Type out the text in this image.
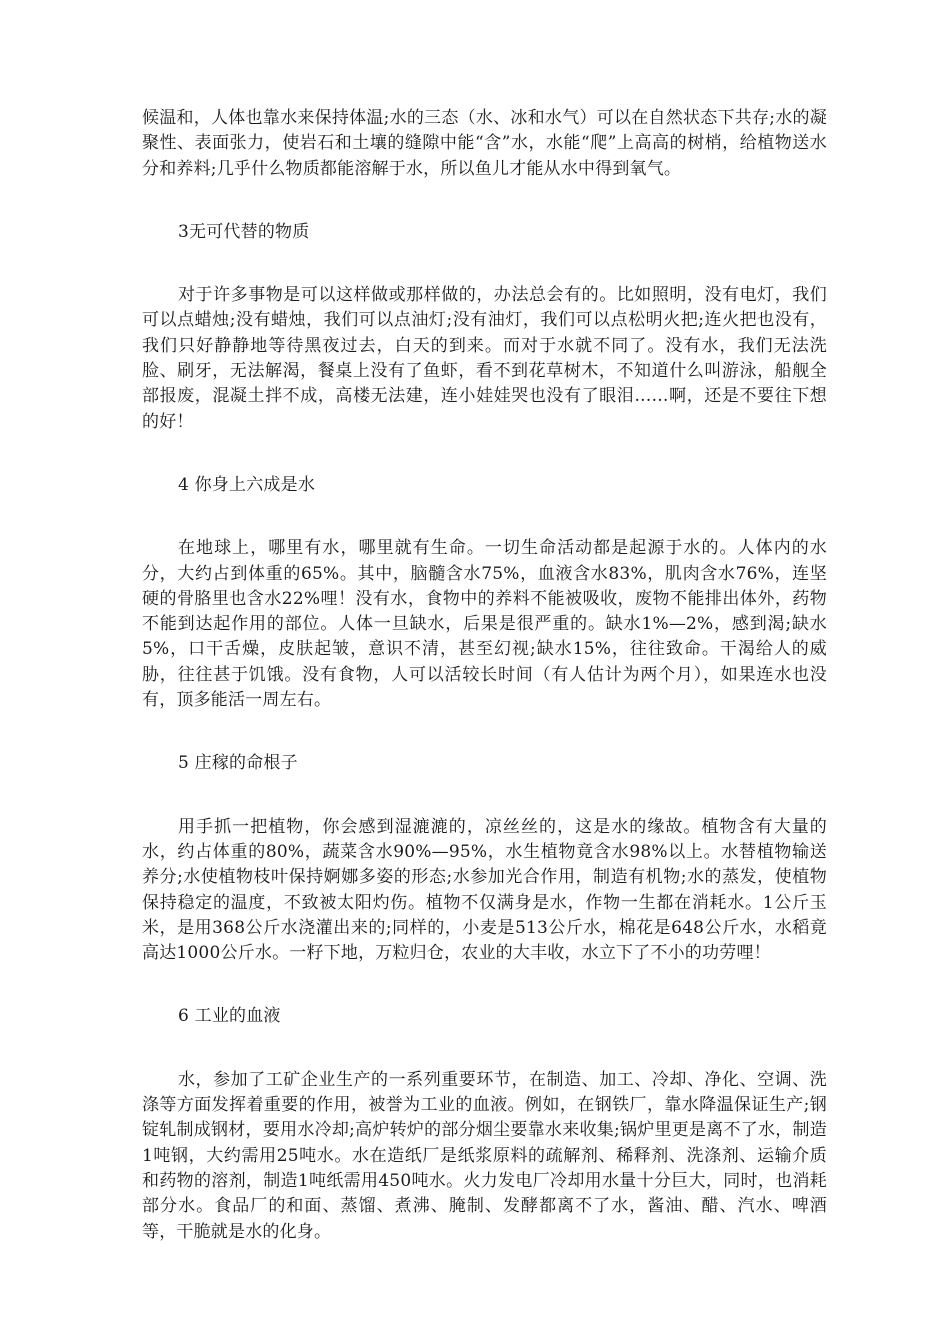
候温和，人体也靠水来保持体温;水的三态（水、冰和水气）可以在自然状态下共存;水的凝聚性、表面张力，使岩石和土壤的缝隙中能“含”水，水能“爬”上高高的树梢，给植物送水分和养料;几乎什么物质都能溶解于水，所以鱼儿才能从水中得到氧气。

3无可代替的物质

对于许多事物是可以这样做或那样做的，办法总会有的。比如照明，没有电灯，我们可以点蜡烛;没有蜡烛，我们可以点油灯;没有油灯，我们可以点松明火把;连火把也没有，我们只好静静地等待黑夜过去，白天的到来。而对于水就不同了。没有水，我们无法洗脸、刷牙，无法解渴，餐桌上没有了鱼虾，看不到花草树木，不知道什么叫游泳，船舰全部报废，混凝土拌不成，高楼无法建，连小娃娃哭也没有了眼泪……啊，还是不要往下想的好！

4 你身上六成是水

在地球上，哪里有水，哪里就有生命。一切生命活动都是起源于水的。人体内的水分，大约占到体重的65%。其中，脑髓含水75%，血液含水83%，肌肉含水76%，连坚硬的骨胳里也含水22%哩！没有水，食物中的养料不能被吸收，废物不能排出体外，药物不能到达起作用的部位。人体一旦缺水，后果是很严重的。缺水1%—2%，感到渴;缺水5%，口干舌燥，皮肤起皱，意识不清，甚至幻视;缺水15%，往往致命。干渴给人的威胁，往往甚于饥饿。没有食物，人可以活较长时间（有人估计为两个月），如果连水也没有，顶多能活一周左右。

5 庄稼的命根子

用手抓一把植物，你会感到湿漉漉的，凉丝丝的，这是水的缘故。植物含有大量的水，约占体重的80%，蔬菜含水90%—95%，水生植物竟含水98%以上。水替植物输送养分;水使植物枝叶保持婀娜多姿的形态;水参加光合作用，制造有机物;水的蒸发，使植物保持稳定的温度，不致被太阳灼伤。植物不仅满身是水，作物一生都在消耗水。1公斤玉米，是用368公斤水浇灌出来的;同样的，小麦是513公斤水，棉花是648公斤水，水稻竟高达1000公斤水。一籽下地，万粒归仓，农业的大丰收，水立下了不小的功劳哩！

6 工业的血液

水，参加了工矿企业生产的一系列重要环节，在制造、加工、冷却、净化、空调、洗涤等方面发挥着重要的作用，被誉为工业的血液。例如，在钢铁厂，靠水降温保证生产;钢锭轧制成钢材，要用水冷却;高炉转炉的部分烟尘要靠水来收集;锅炉里更是离不了水，制造1吨钢，大约需用25吨水。水在造纸厂是纸浆原料的疏解剂、稀释剂、洗涤剂、运输介质和药物的溶剂，制造1吨纸需用450吨水。火力发电厂冷却用水量十分巨大，同时，也消耗部分水。食品厂的和面、蒸馏、煮沸、腌制、发酵都离不了水，酱油、醋、汽水、啤酒等，干脆就是水的化身。
